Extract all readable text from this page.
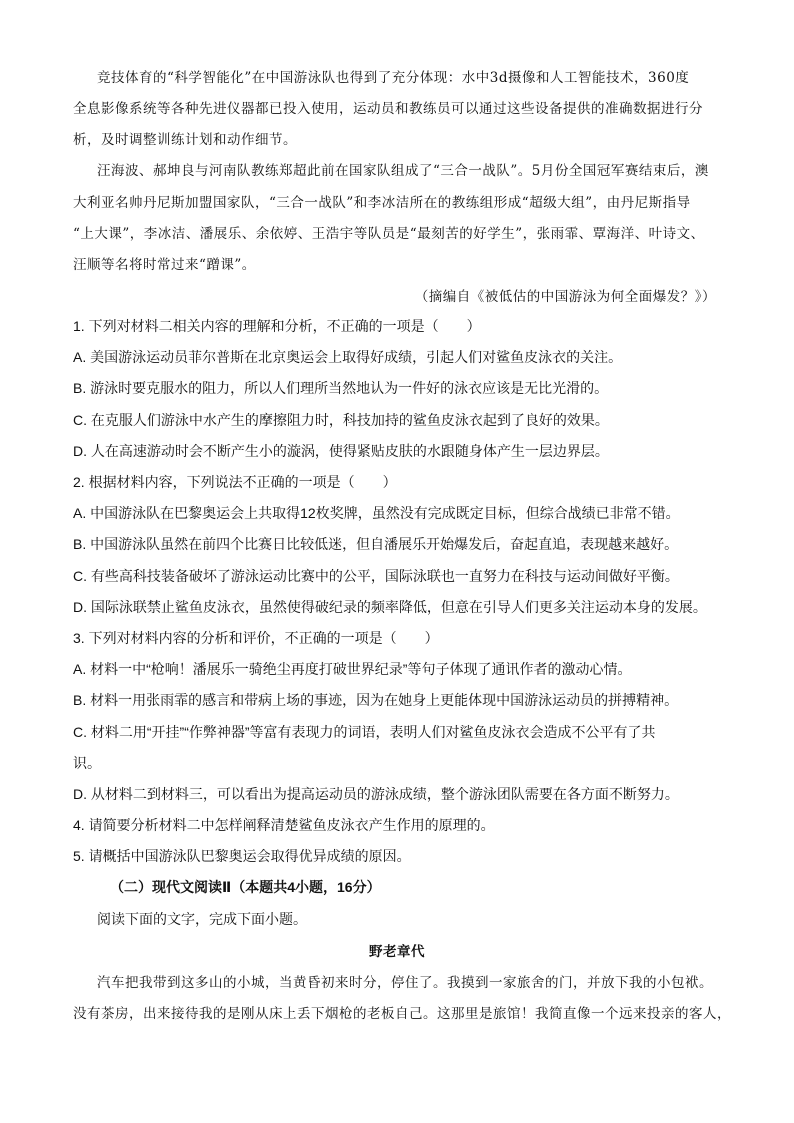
竞技体育的“科学智能化”在中国游泳队也得到了充分体现：水中3d摄像和人工智能技术，360度
全息影像系统等各种先进仪器都已投入使用，运动员和教练员可以通过这些设备提供的准确数据进行分
析，及时调整训练计划和动作细节。
汪海波、郝坤良与河南队教练郑超此前在国家队组成了“三合一战队”。5月份全国冠军赛结束后，澳
大利亚名帅丹尼斯加盟国家队，“三合一战队”和李冰洁所在的教练组形成“超级大组”，由丹尼斯指导
“上大课”，李冰洁、潘展乐、余依婷、王浩宇等队员是“最刻苦的好学生”，张雨霏、覃海洋、叶诗文、
汪顺等名将时常过来“蹭课”。
（摘编自《被低估的中国游泳为何全面爆发？》）
1. 下列对材料二相关内容的理解和分析，不正确的一项是（　　）
A. 美国游泳运动员菲尔普斯在北京奥运会上取得好成绩，引起人们对鲨鱼皮泳衣的关注。
B. 游泳时要克服水的阻力，所以人们理所当然地认为一件好的泳衣应该是无比光滑的。
C. 在克服人们游泳中水产生的摩擦阻力时，科技加持的鲨鱼皮泳衣起到了良好的效果。
D. 人在高速游动时会不断产生小的漩涡，使得紧贴皮肤的水跟随身体产生一层边界层。
2. 根据材料内容，下列说法不正确的一项是（　　）
A. 中国游泳队在巴黎奥运会上共取得12枚奖牌，虽然没有完成既定目标，但综合战绩已非常不错。
B. 中国游泳队虽然在前四个比赛日比较低迷，但自潘展乐开始爆发后，奋起直追，表现越来越好。
C. 有些高科技装备破坏了游泳运动比赛中的公平，国际泳联也一直努力在科技与运动间做好平衡。
D. 国际泳联禁止鲨鱼皮泳衣，虽然使得破纪录的频率降低，但意在引导人们更多关注运动本身的发展。
3. 下列对材料内容的分析和评价，不正确的一项是（　　）
A. 材料一中“枪响！潘展乐一骑绝尘再度打破世界纪录”等句子体现了通讯作者的激动心情。
B. 材料一用张雨霏的感言和带病上场的事迹，因为在她身上更能体现中国游泳运动员的拼搏精神。
C. 材料二用“开挂”“作弊神器”等富有表现力的词语，表明人们对鲨鱼皮泳衣会造成不公平有了共
识。
D. 从材料二到材料三，可以看出为提高运动员的游泳成绩，整个游泳团队需要在各方面不断努力。
4. 请简要分析材料二中怎样阐释清楚鲨鱼皮泳衣产生作用的原理的。
5. 请概括中国游泳队巴黎奥运会取得优异成绩的原因。
（二）现代文阅读Ⅱ（本题共4小题，16分）
阅读下面的文字，完成下面小题。
野老章代
汽车把我带到这多山的小城，当黄昏初来时分，停住了。我摸到一家旅舍的门，并放下我的小包袱。
没有茶房，出来接待我的是刚从床上丢下烟枪的老板自己。这那里是旅馆！我简直像一个远来投亲的客人，
